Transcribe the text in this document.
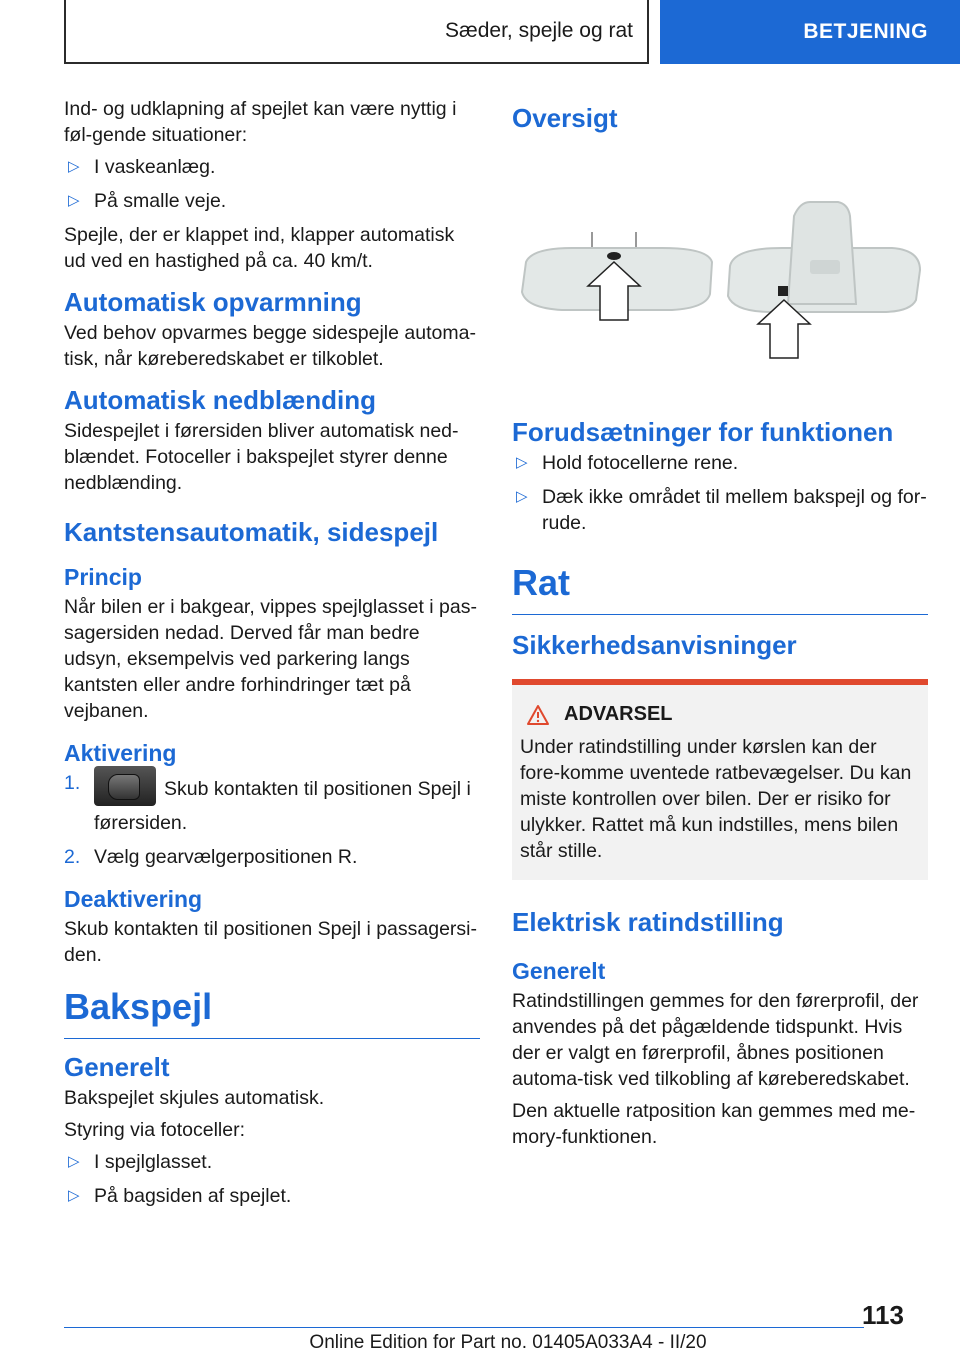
Sæder, spejle og rat	BETJENING

Ind- og udklapning af spejlet kan være nyttig i føl-gende situationer:

▷ I vaskeanlæg.
▷ På smalle veje.

Spejle, der er klappet ind, klapper automatisk ud ved en hastighed på ca. 40 km/t.

Automatisk opvarmning

Ved behov opvarmes begge sidespejle automa-tisk, når køreberedskabet er tilkoblet.

Automatisk nedblænding

Sidespejlet i førersiden bliver automatisk ned-blændet. Fotoceller i bakspejlet styrer denne nedblænding.

Kantstensautomatik, sidespejl
Princip

Når bilen er i bakgear, vippes spejlglasset i pas-sagersiden nedad. Derved får man bedre udsyn, eksempelvis ved parkering langs kantsten eller andre forhindringer tæt på vejbanen.

Aktivering
1.	Skub kontakten til positionen Spejl i førersiden.
2. Vælg gearvælgerpositionen R.
Deaktivering

Skub kontakten til positionen Spejl i passagersi-den.

Bakspejl
Generelt

Bakspejlet skjules automatisk.

Styring via fotoceller:

▷ I spejlglasset.
▷ På bagsiden af spejlet.
Oversigt
Forudsætninger for funktionen
▷ Hold fotocellerne rene.
▷ Dæk ikke området til mellem bakspejl og for-rude.
Rat
Sikkerhedsanvisninger
ADVARSEL

Under ratindstilling under kørslen kan der fore-komme uventede ratbevægelser. Du kan miste kontrollen over bilen. Der er risiko for ulykker. Rattet må kun indstilles, mens bilen står stille.

Elektrisk ratindstilling
Generelt

Ratindstillingen gemmes for den førerprofil, der anvendes på det pågældende tidspunkt. Hvis der er valgt en førerprofil, åbnes positionen automa-tisk ved tilkobling af køreberedskabet.

Den aktuelle ratposition kan gemmes med me-mory-funktionen.

113
Online Edition for Part no. 01405A033A4 - II/20
